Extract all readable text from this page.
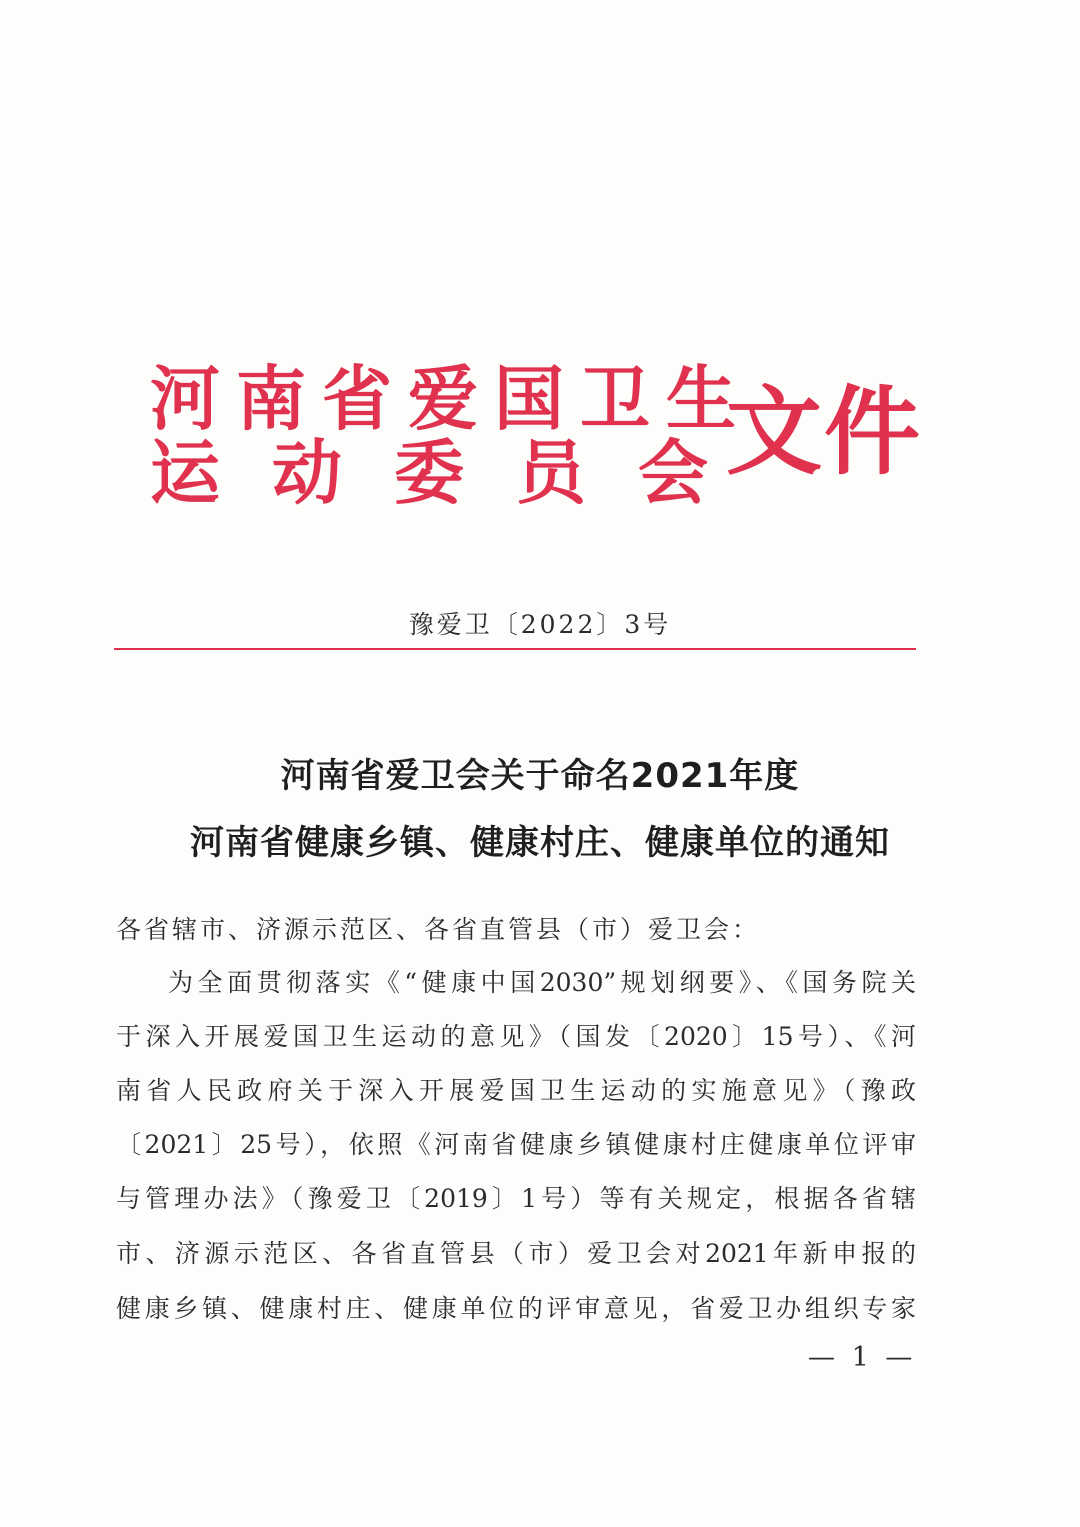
河南省爱国卫生
运动委员会
文件
豫爱卫〔2022〕3号
河南省爱卫会关于命名2021年度
河南省健康乡镇、健康村庄、健康单位的通知
各省辖市、济源示范区、各省直管县（市）爱卫会：
为全面贯彻落实《“健康中国2030”规划纲要》、《国务院关
于深入开展爱国卫生运动的意见》（国发〔2020〕15号）、《河
南省人民政府关于深入开展爱国卫生运动的实施意见》（豫政
〔2021〕25号），依照《河南省健康乡镇健康村庄健康单位评审
与管理办法》（豫爱卫〔2019〕1号）等有关规定，根据各省辖
市、济源示范区、各省直管县（市）爱卫会对2021年新申报的
健康乡镇、健康村庄、健康单位的评审意见，省爱卫办组织专家
— 1 —
